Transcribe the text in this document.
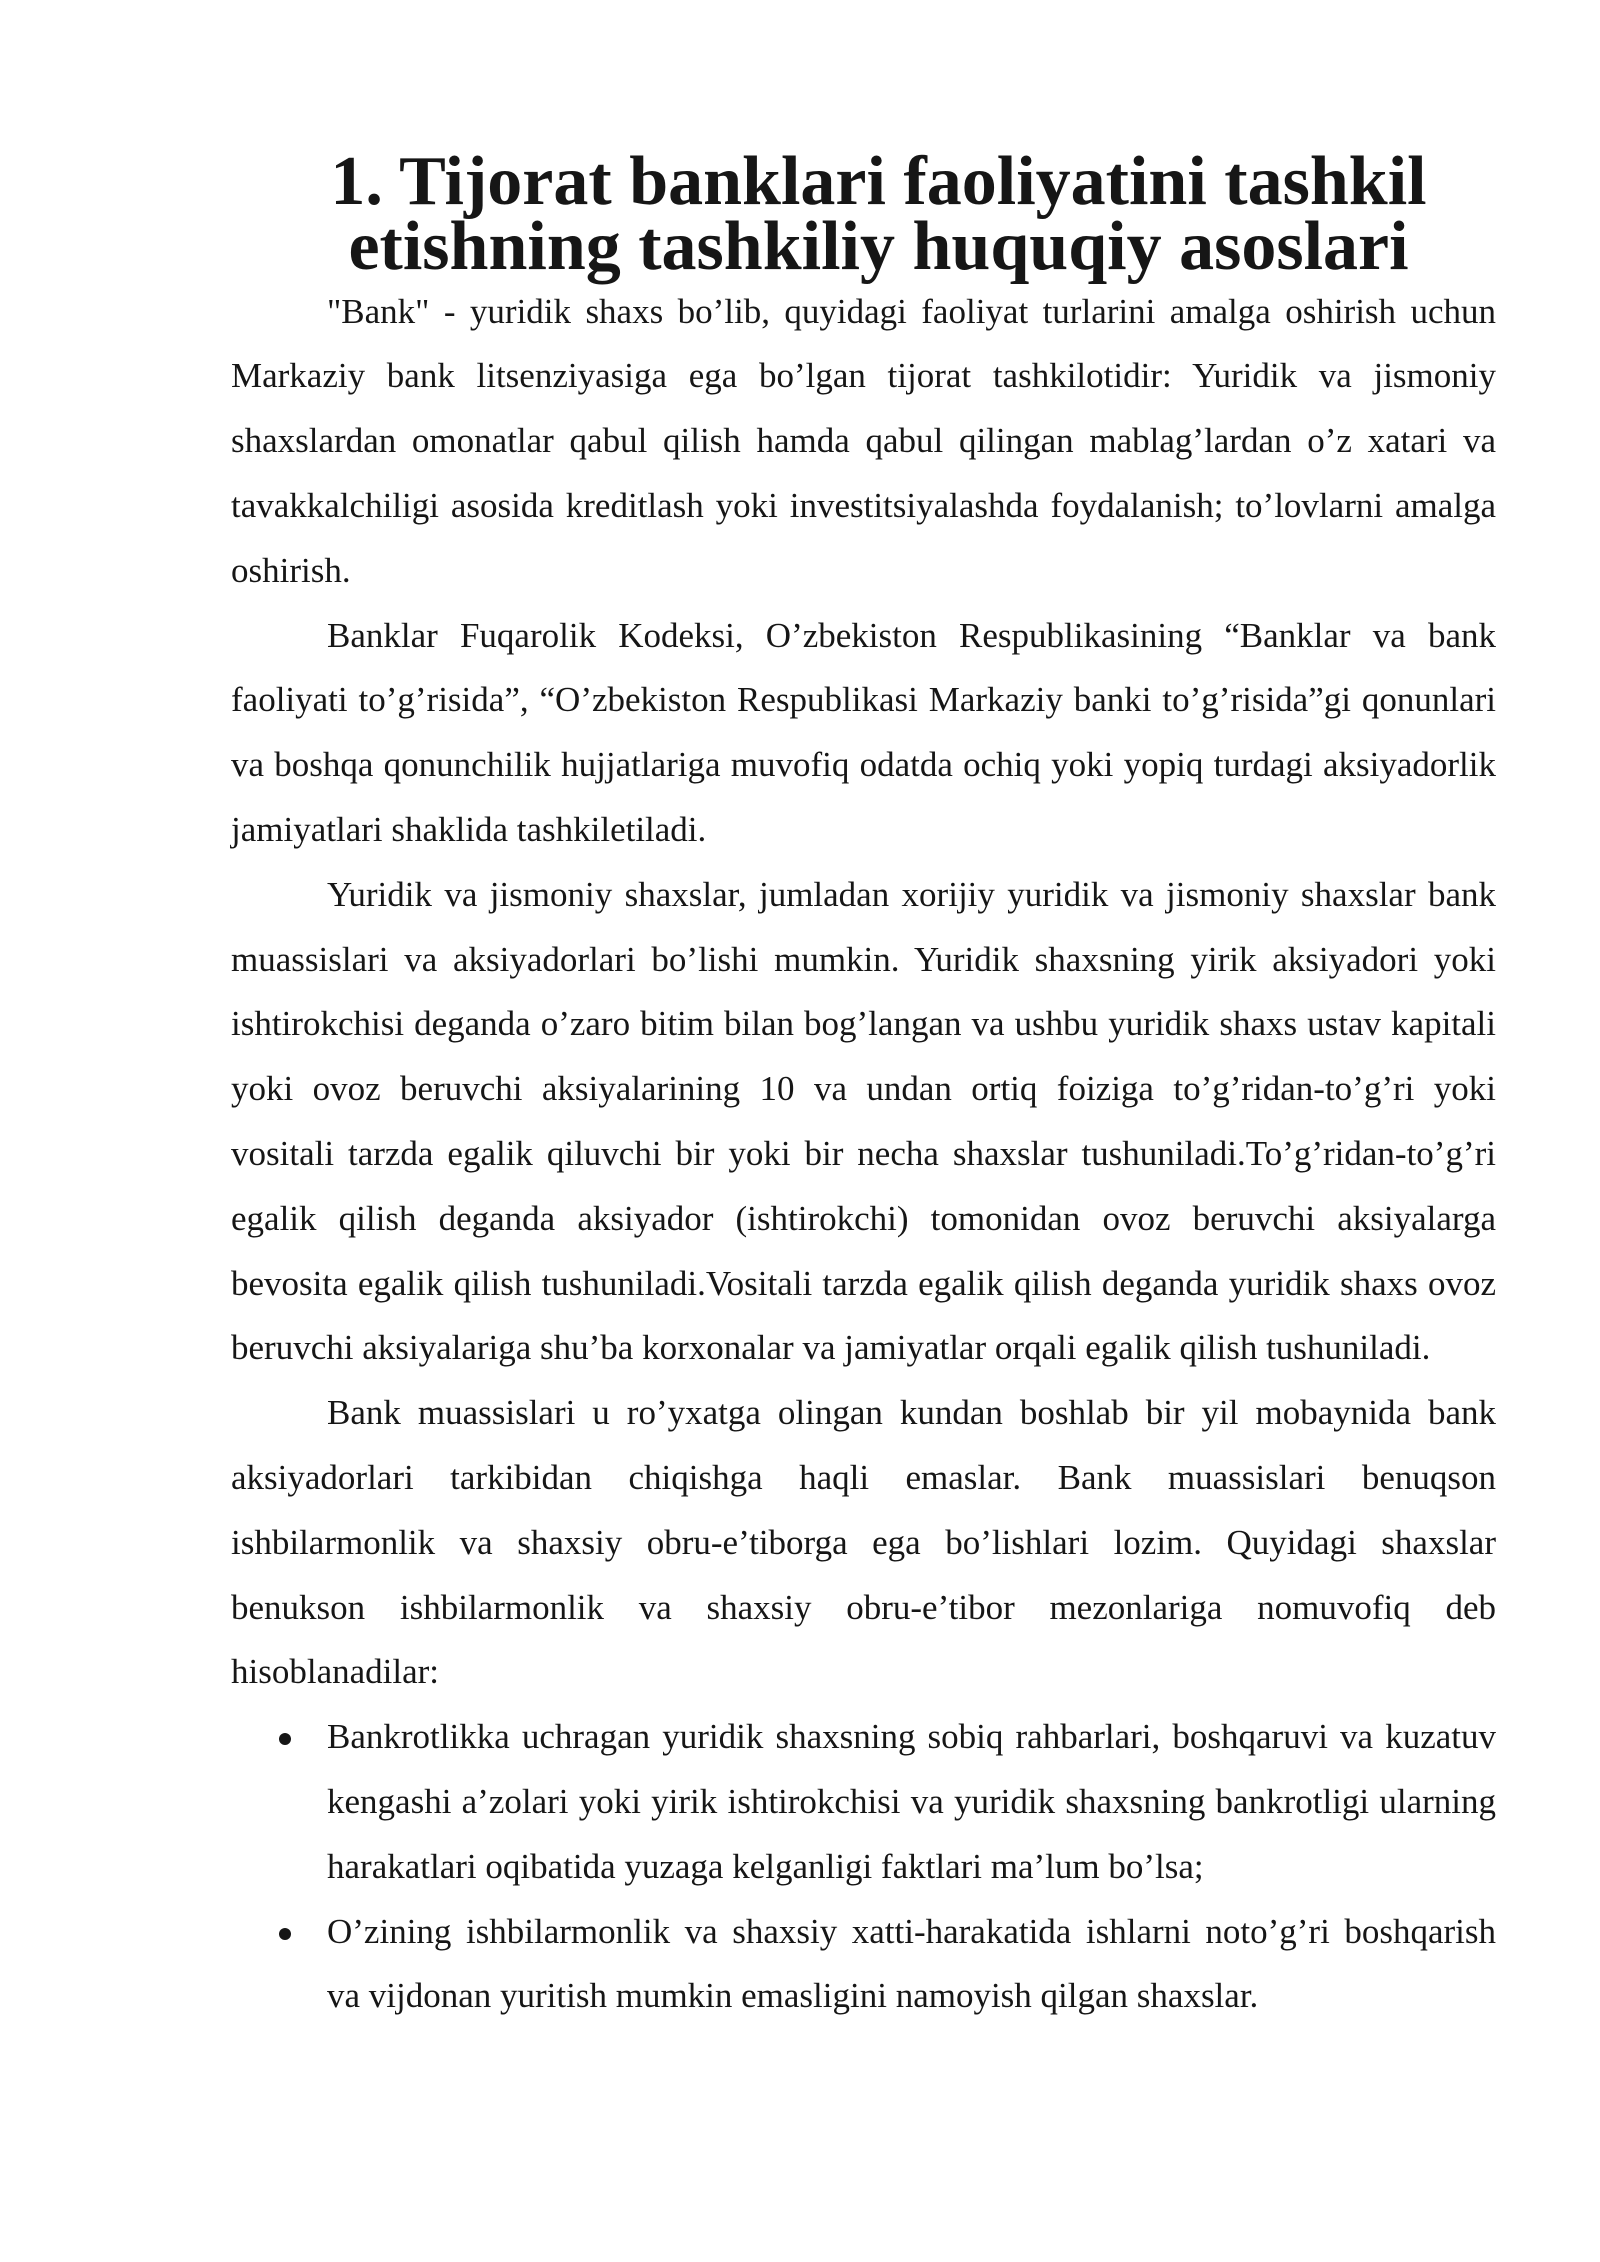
1. Tijorat banklari faoliyatini tashkil etishning tashkiliy huquqiy asoslari

"Bank" - yuridik shaxs bo’lib, quyidagi faoliyat turlarini amalga oshirish uchun Markaziy bank litsenziyasiga ega bo’lgan tijorat tashkilotidir: Yuridik va jismoniy shaxslardan omonatlar qabul qilish hamda qabul qilingan mablag’lardan o’z xatari va tavakkalchiligi asosida kreditlash yoki investitsiyalashda foydalanish; to’lovlarni amalga oshirish.

Banklar Fuqarolik Kodeksi, O’zbekiston Respublikasining “Banklar va bank faoliyati to’g’risida”, “O’zbekiston Respublikasi Markaziy banki to’g’risida”gi qonunlari va boshqa qonunchilik hujjatlariga muvofiq odatda ochiq yoki yopiq turdagi aksiyadorlik jamiyatlari shaklida tashkiletiladi.

Yuridik va jismoniy shaxslar, jumladan xorijiy yuridik va jismoniy shaxslar bank muassislari va aksiyadorlari bo’lishi mumkin. Yuridik shaxsning yirik aksiyadori yoki ishtirokchisi deganda o’zaro bitim bilan bog’langan va ushbu yuridik shaxs ustav kapitali yoki ovoz beruvchi aksiyalarining 10 va undan ortiq foiziga to’g’ridan-to’g’ri yoki vositali tarzda egalik qiluvchi bir yoki bir necha shaxslar tushuniladi.To’g’ridan-to’g’ri egalik qilish deganda aksiyador (ishtirokchi) tomonidan ovoz beruvchi aksiyalarga bevosita egalik qilish tushuniladi.Vositali tarzda egalik qilish deganda yuridik shaxs ovoz beruvchi aksiyalariga shu’ba korxonalar va jamiyatlar orqali egalik qilish tushuniladi.

Bank muassislari u ro’yxatga olingan kundan boshlab bir yil mobaynida bank aksiyadorlari tarkibidan chiqishga haqli emaslar. Bank muassislari benuqson ishbilarmonlik va shaxsiy obru-e’tiborga ega bo’lishlari lozim. Quyidagi shaxslar benukson ishbilarmonlik va shaxsiy obru-e’tibor mezonlariga nomuvofiq deb hisoblanadilar:

Bankrotlikka uchragan yuridik shaxsning sobiq rahbarlari, boshqaruvi va kuzatuv kengashi a’zolari yoki yirik ishtirokchisi va yuridik shaxsning bankrotligi ularning harakatlari oqibatida yuzaga kelganligi faktlari ma’lum bo’lsa;
O’zining ishbilarmonlik va shaxsiy xatti-harakatida ishlarni noto’g’ri boshqarish va vijdonan yuritish mumkin emasligini namoyish qilgan shaxslar.
